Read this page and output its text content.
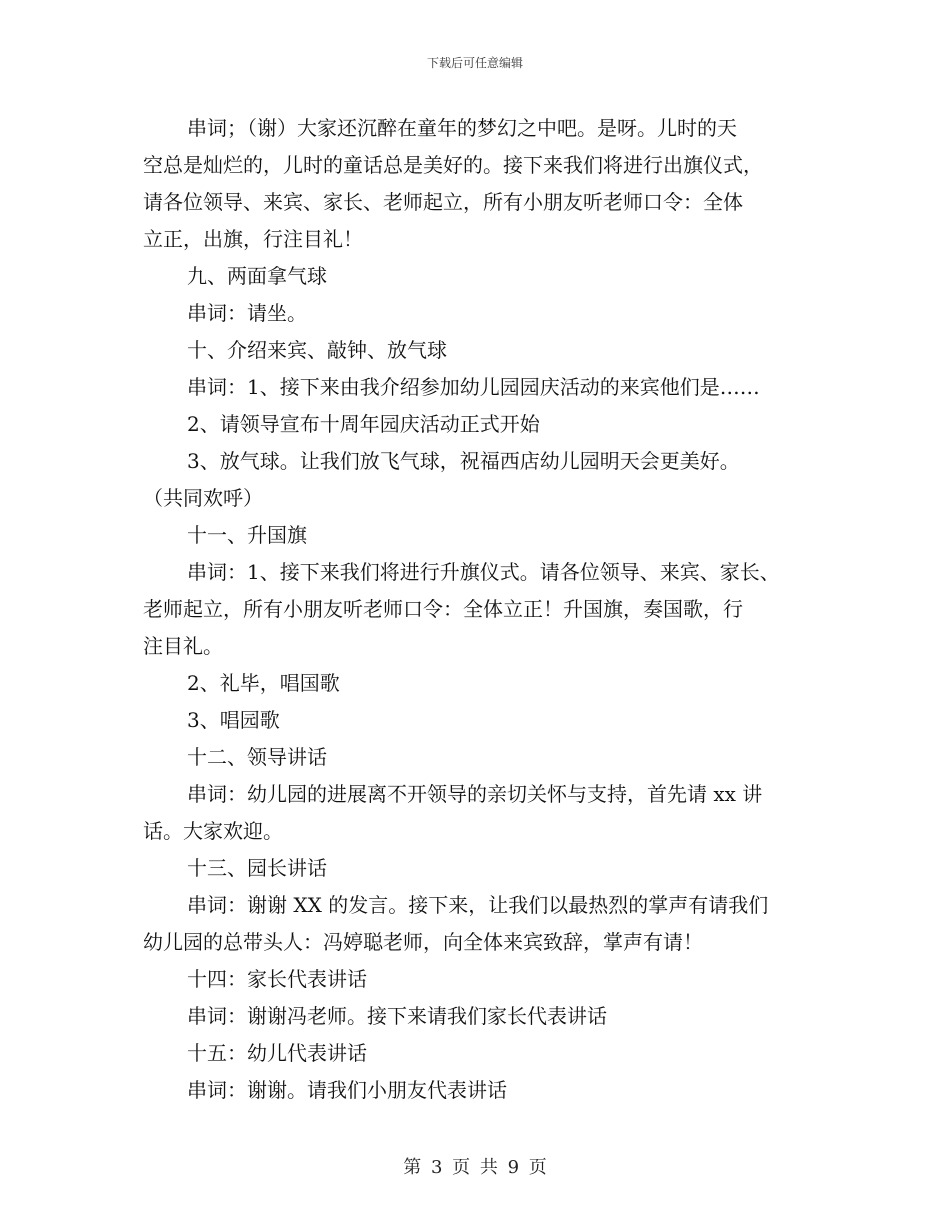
下载后可任意编辑
串词；（谢）大家还沉醉在童年的梦幻之中吧。是呀。儿时的天
空总是灿烂的，儿时的童话总是美好的。接下来我们将进行出旗仪式，
请各位领导、来宾、家长、老师起立，所有小朋友听老师口令：全体
立正，出旗，行注目礼！
九、两面拿气球
串词：请坐。
十、介绍来宾、敲钟、放气球
串词：1、接下来由我介绍参加幼儿园园庆活动的来宾他们是……
2、请领导宣布十周年园庆活动正式开始
3、放气球。让我们放飞气球，祝福西店幼儿园明天会更美好。
（共同欢呼）
十一、升国旗
串词：1、接下来我们将进行升旗仪式。请各位领导、来宾、家长、
老师起立，所有小朋友听老师口令：全体立正！升国旗，奏国歌，行
注目礼。
2、礼毕，唱国歌
3、唱园歌
十二、领导讲话
串词：幼儿园的进展离不开领导的亲切关怀与支持，首先请 xx 讲
话。大家欢迎。
十三、园长讲话
串词：谢谢 XX 的发言。接下来，让我们以最热烈的掌声有请我们
幼儿园的总带头人：冯婷聪老师，向全体来宾致辞，掌声有请！
十四：家长代表讲话
串词：谢谢冯老师。接下来请我们家长代表讲话
十五：幼儿代表讲话
串词：谢谢。请我们小朋友代表讲话
第 3 页 共 9 页
